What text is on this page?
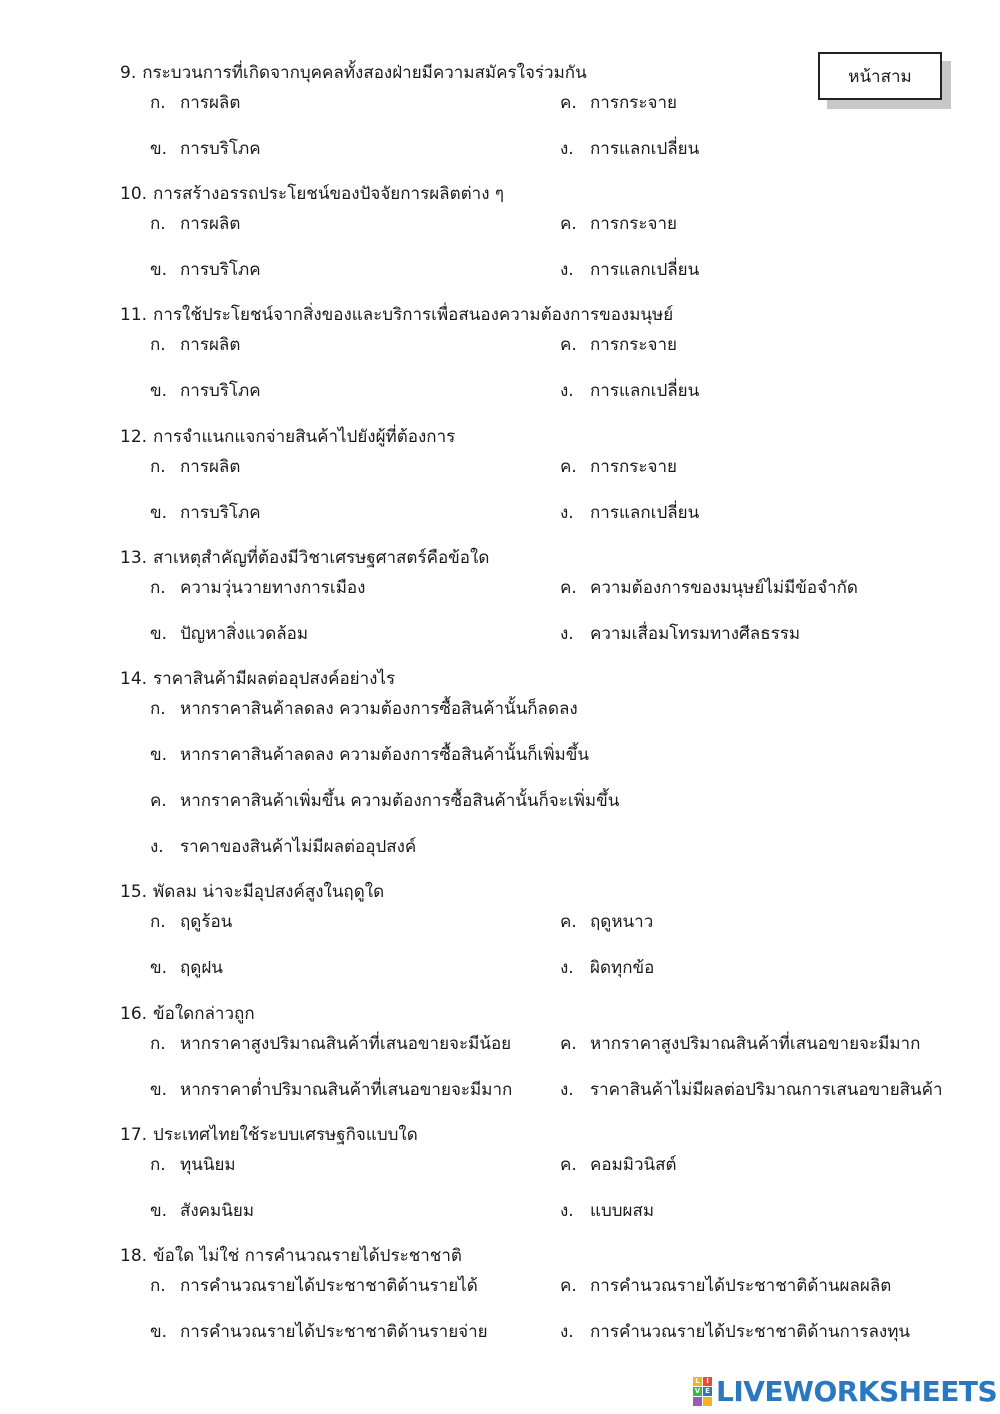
หน้าสาม
9. กระบวนการที่เกิดจากบุคคลทั้งสองฝ่ายมีความสมัครใจร่วมกัน
ก. การผลิต	ค. การกระจาย
ข. การบริโภค	ง. การแลกเปลี่ยน
10. การสร้างอรรถประโยชน์ของปัจจัยการผลิตต่าง ๆ
ก. การผลิต	ค. การกระจาย
ข. การบริโภค	ง. การแลกเปลี่ยน
11. การใช้ประโยชน์จากสิ่งของและบริการเพื่อสนองความต้องการของมนุษย์
ก. การผลิต	ค. การกระจาย
ข. การบริโภค	ง. การแลกเปลี่ยน
12. การจำแนกแจกจ่ายสินค้าไปยังผู้ที่ต้องการ
ก. การผลิต	ค. การกระจาย
ข. การบริโภค	ง. การแลกเปลี่ยน
13. สาเหตุสำคัญที่ต้องมีวิชาเศรษฐศาสตร์คือข้อใด
ก. ความวุ่นวายทางการเมือง	ค. ความต้องการของมนุษย์ไม่มีข้อจำกัด
ข. ปัญหาสิ่งแวดล้อม	ง. ความเสื่อมโทรมทางศีลธรรม
14. ราคาสินค้ามีผลต่ออุปสงค์อย่างไร
ก. หากราคาสินค้าลดลง ความต้องการซื้อสินค้านั้นก็ลดลง
ข. หากราคาสินค้าลดลง ความต้องการซื้อสินค้านั้นก็เพิ่มขึ้น
ค. หากราคาสินค้าเพิ่มขึ้น ความต้องการซื้อสินค้านั้นก็จะเพิ่มขึ้น
ง. ราคาของสินค้าไม่มีผลต่ออุปสงค์
15. พัดลม น่าจะมีอุปสงค์สูงในฤดูใด
ก. ฤดูร้อน	ค. ฤดูหนาว
ข. ฤดูฝน	ง. ผิดทุกข้อ
16. ข้อใดกล่าวถูก
ก. หากราคาสูงปริมาณสินค้าที่เสนอขายจะมีน้อย	ค. หากราคาสูงปริมาณสินค้าที่เสนอขายจะมีมาก
ข. หากราคาต่ำปริมาณสินค้าที่เสนอขายจะมีมาก	ง. ราคาสินค้าไม่มีผลต่อปริมาณการเสนอขายสินค้า
17. ประเทศไทยใช้ระบบเศรษฐกิจแบบใด
ก. ทุนนิยม	ค. คอมมิวนิสต์
ข. สังคมนิยม	ง. แบบผสม
18. ข้อใด ไม่ใช่ การคำนวณรายได้ประชาชาติ
ก. การคำนวณรายได้ประชาชาติด้านรายได้	ค. การคำนวณรายได้ประชาชาติด้านผลผลิต
ข. การคำนวณรายได้ประชาชาติด้านรายจ่าย	ง. การคำนวณรายได้ประชาชาติด้านการลงทุน
L I
V E LIVEWORKSHEETS
